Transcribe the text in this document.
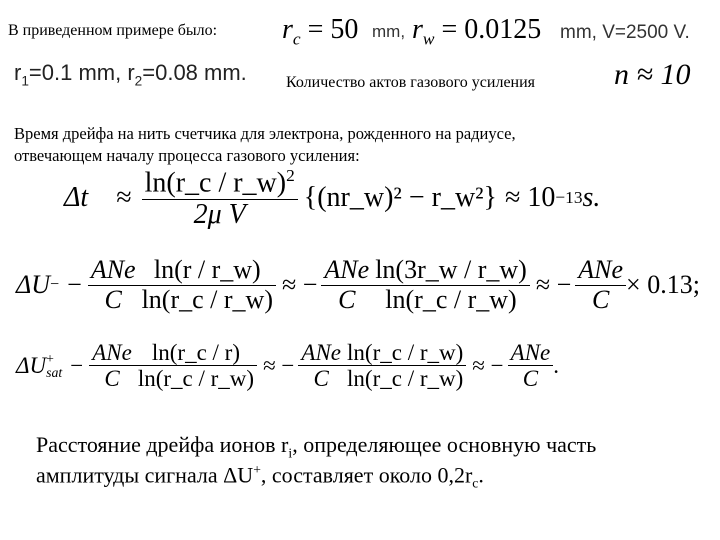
В приведенном примере было: $r_c = 50$ mm, $r_w = 0.0125$ mm, V=2500 V.
$r_1=0.1$ mm, $r_2=0.08$ mm. Количество актов газового усиления	n ≈ 10
Время дрейфа на нить счетчика для электрона, рожденного на радиусе,
отвечающем началу процесса газового усиления:
$\Delta t \approx \frac{\ln(r\_c / r\_w)^2}{\text{2μ V}}$ {(nr_w)² − r_w²} ≈ 10 −13 s.
ΔU − − $\frac{\text{ANe}}{C} \frac{\ln(r / r\_w)}{\ln(r\_c / r\_w)}$ ≈ − $\frac{\text{ANe}}{C} \frac{\ln(3r\_w / r\_w)}{\ln(r\_c / r\_w)}$ ≈ − $\frac{\text{ANe}}{C} \times 0.13$;
ΔU +
sat − $\frac{\text{ANe}}{C} \frac{\ln(r\_c / r)}{\ln(r\_c / r\_w)}$ ≈ − $\frac{\text{ANe}}{C} \frac{\ln(r\_c / r\_w)}{\ln(r\_c / r\_w)}$ ≈ − $\frac{\text{ANe}}{C}$ .
Расстояние дрейфа ионов $r_i$, определяющее основную часть
амплитуды сигнала ΔU+, составляет около $0,2r_c$.
